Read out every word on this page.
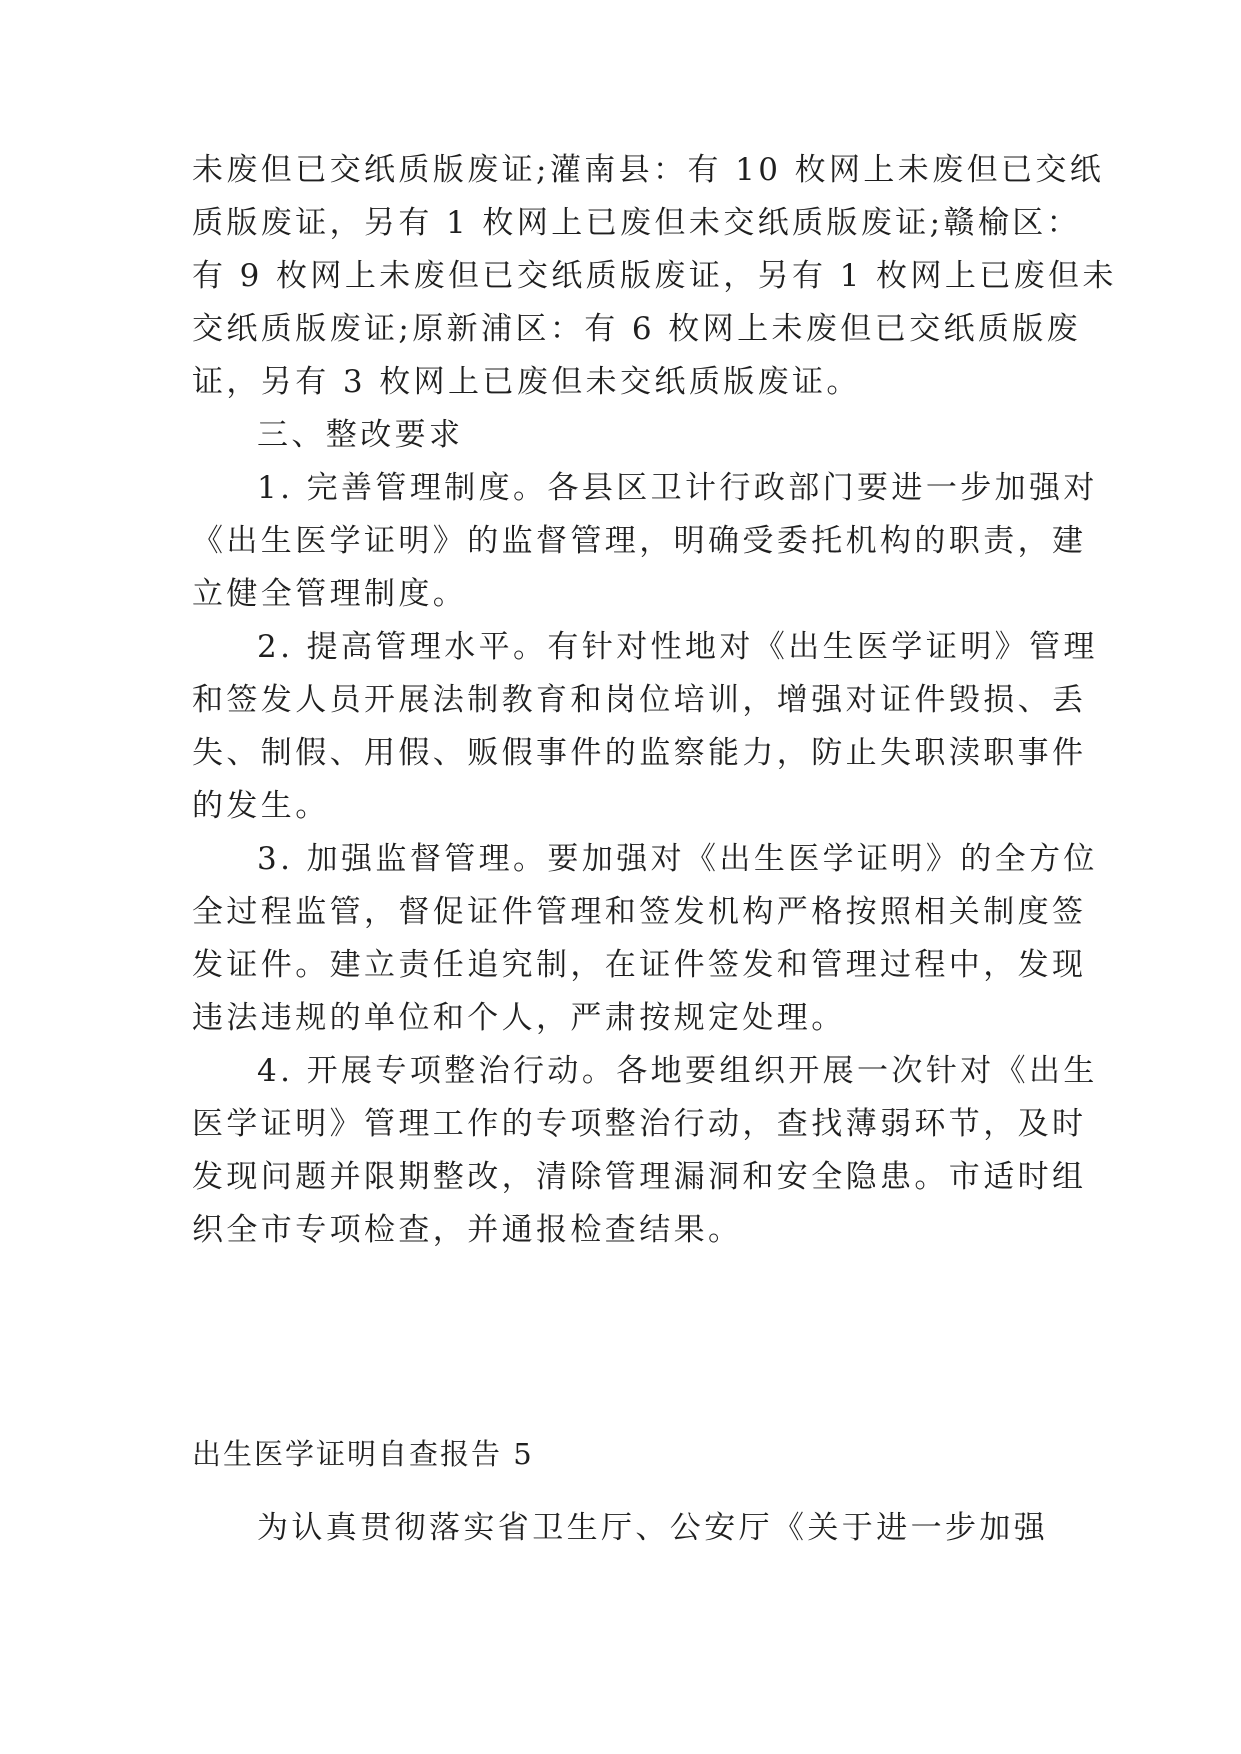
未废但已交纸质版废证;灌南县：有 10 枚网上未废但已交纸
质版废证，另有 1 枚网上已废但未交纸质版废证;赣榆区：
有 9 枚网上未废但已交纸质版废证，另有 1 枚网上已废但未
交纸质版废证;原新浦区：有 6 枚网上未废但已交纸质版废
证，另有 3 枚网上已废但未交纸质版废证。
三、整改要求
1. 完善管理制度。各县区卫计行政部门要进一步加强对
《出生医学证明》的监督管理，明确受委托机构的职责，建
立健全管理制度。
2. 提高管理水平。有针对性地对《出生医学证明》管理
和签发人员开展法制教育和岗位培训，增强对证件毁损、丢
失、制假、用假、贩假事件的监察能力，防止失职渎职事件
的发生。
3. 加强监督管理。要加强对《出生医学证明》的全方位
全过程监管，督促证件管理和签发机构严格按照相关制度签
发证件。建立责任追究制，在证件签发和管理过程中，发现
违法违规的单位和个人，严肃按规定处理。
4. 开展专项整治行动。各地要组织开展一次针对《出生
医学证明》管理工作的专项整治行动，查找薄弱环节，及时
发现问题并限期整改，清除管理漏洞和安全隐患。市适时组
织全市专项检查，并通报检查结果。
出生医学证明自查报告 5
为认真贯彻落实省卫生厅、公安厅《关于进一步加强
